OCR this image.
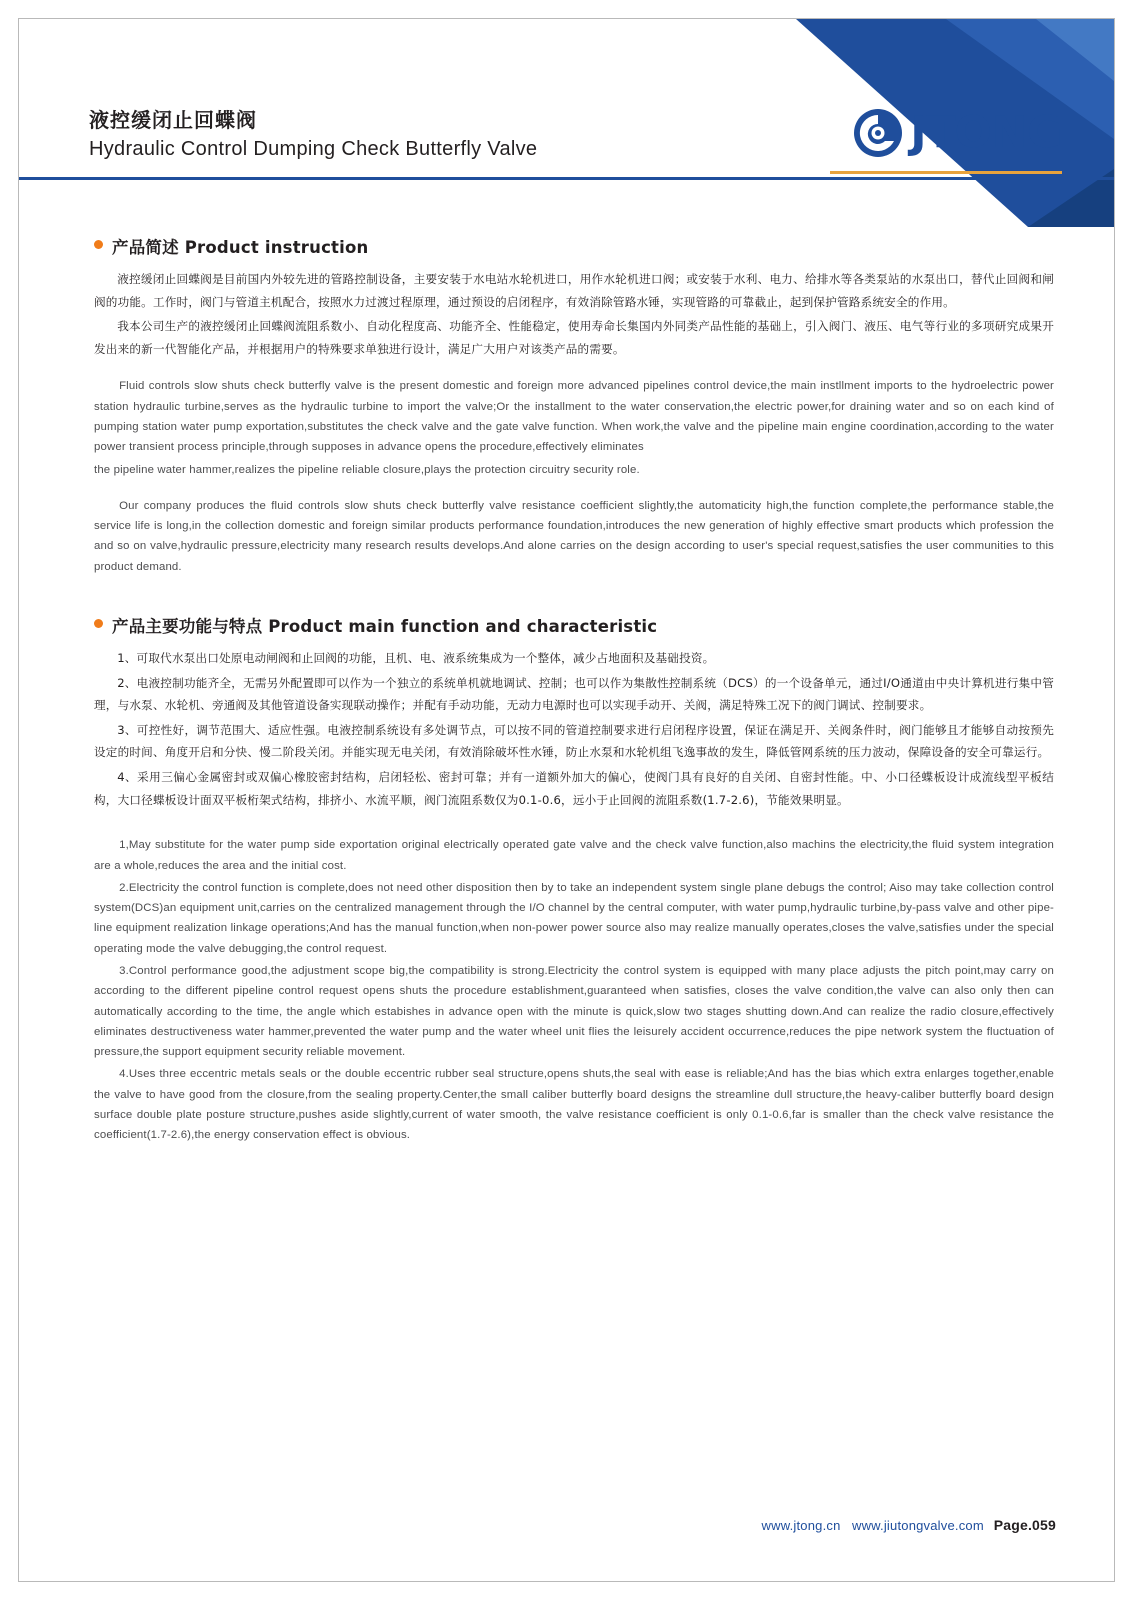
液控缓闭止回蝶阀
Hydraulic Control Dumping Check Butterfly Valve	JTONG
产品简述 Product instruction

液控缓闭止回蝶阀是目前国内外较先进的管路控制设备，主要安装于水电站水轮机进口，用作水轮机进口阀；或安装于水利、电力、给排水等各类泵站的水泵出口，替代止回阀和闸阀的功能。工作时，阀门与管道主机配合，按照水力过渡过程原理，通过预设的启闭程序，有效消除管路水锤，实现管路的可靠截止，起到保护管路系统安全的作用。

我本公司生产的液控缓闭止回蝶阀流阻系数小、自动化程度高、功能齐全、性能稳定，使用寿命长集国内外同类产品性能的基础上，引入阀门、液压、电气等行业的多项研究成果开发出来的新一代智能化产品，并根据用户的特殊要求单独进行设计，满足广大用户对该类产品的需要。

Fluid controls slow shuts check butterfly valve is the present domestic and foreign more advanced pipelines control device,the main instllment imports to the hydroelectric power station hydraulic turbine,serves as the hydraulic turbine to import the valve;Or the installment to the water conservation,the electric power,for draining water and so on each kind of pumping station water pump exportation,substitutes the check valve and the gate valve function. When work,the valve and the pipeline main engine coordination,according to the water power transient process principle,through supposes in advance opens the procedure,effectively eliminates

the pipeline water hammer,realizes the pipeline reliable closure,plays the protection circuitry security role.

Our company produces the fluid controls slow shuts check butterfly valve resistance coefficient slightly,the automaticity high,the function complete,the performance stable,the service life is long,in the collection domestic and foreign similar products performance foundation,introduces the new generation of highly effective smart products which profession the and so on valve,hydraulic pressure,electricity many research results develops.And alone carries on the design according to user's special request,satisfies the user communities to this product demand.

产品主要功能与特点 Product main function and characteristic

1、可取代水泵出口处原电动闸阀和止回阀的功能，且机、电、液系统集成为一个整体，减少占地面积及基础投资。

2、电液控制功能齐全，无需另外配置即可以作为一个独立的系统单机就地调试、控制；也可以作为集散性控制系统（DCS）的一个设备单元，通过I/O通道由中央计算机进行集中管理，与水泵、水轮机、旁通阀及其他管道设备实现联动操作；并配有手动功能，无动力电源时也可以实现手动开、关阀，满足特殊工况下的阀门调试、控制要求。

3、可控性好，调节范围大、适应性强。电液控制系统设有多处调节点，可以按不同的管道控制要求进行启闭程序设置，保证在满足开、关阀条件时，阀门能够且才能够自动按预先设定的时间、角度开启和分快、慢二阶段关闭。并能实现无电关闭，有效消除破坏性水锤，防止水泵和水轮机组飞逸事故的发生，降低管网系统的压力波动，保障设备的安全可靠运行。

4、采用三偏心金属密封或双偏心橡胶密封结构，启闭轻松、密封可靠；并有一道额外加大的偏心，使阀门具有良好的自关闭、自密封性能。中、小口径蝶板设计成流线型平板结构，大口径蝶板设计面双平板桁架式结构，排挤小、水流平顺，阀门流阻系数仅为0.1-0.6，远小于止回阀的流阻系数(1.7-2.6)，节能效果明显。

1,May substitute for the water pump side exportation original electrically operated gate valve and the check valve function,also machins the electricity,the fluid system integration are a whole,reduces the area and the initial cost.

2.Electricity the control function is complete,does not need other disposition then by to take an independent system single plane debugs the control; Aiso may take collection control system(DCS)an equipment unit,carries on the centralized management through the I/O channel by the central computer, with water pump,hydraulic turbine,by-pass valve and other pipe-line equipment realization linkage operations;And has the manual function,when non-power power source also may realize manually operates,closes the valve,satisfies under the special operating mode the valve debugging,the control request.

3.Control performance good,the adjustment scope big,the compatibility is strong.Electricity the control system is equipped with many place adjusts the pitch point,may carry on according to the different pipeline control request opens shuts the procedure establishment,guaranteed when satisfies, closes the valve condition,the valve can also only then can automatically according to the time, the angle which estabishes in advance open with the minute is quick,slow two stages shutting down.And can realize the radio closure,effectively eliminates destructiveness water hammer,prevented the water pump and the water wheel unit flies the leisurely accident occurrence,reduces the pipe network system the fluctuation of pressure,the support equipment security reliable movement.

4.Uses three eccentric metals seals or the double eccentric rubber seal structure,opens shuts,the seal with ease is reliable;And has the bias which extra enlarges together,enable the valve to have good from the closure,from the sealing property.Center,the small caliber butterfly board designs the streamline dull structure,the heavy-caliber butterfly board design surface double plate posture structure,pushes aside slightly,current of water smooth, the valve resistance coefficient is only 0.1-0.6,far is smaller than the check valve resistance the coefficient(1.7-2.6),the energy conservation effect is obvious.

www.jtong.cn www.jiutongvalve.com Page.059
